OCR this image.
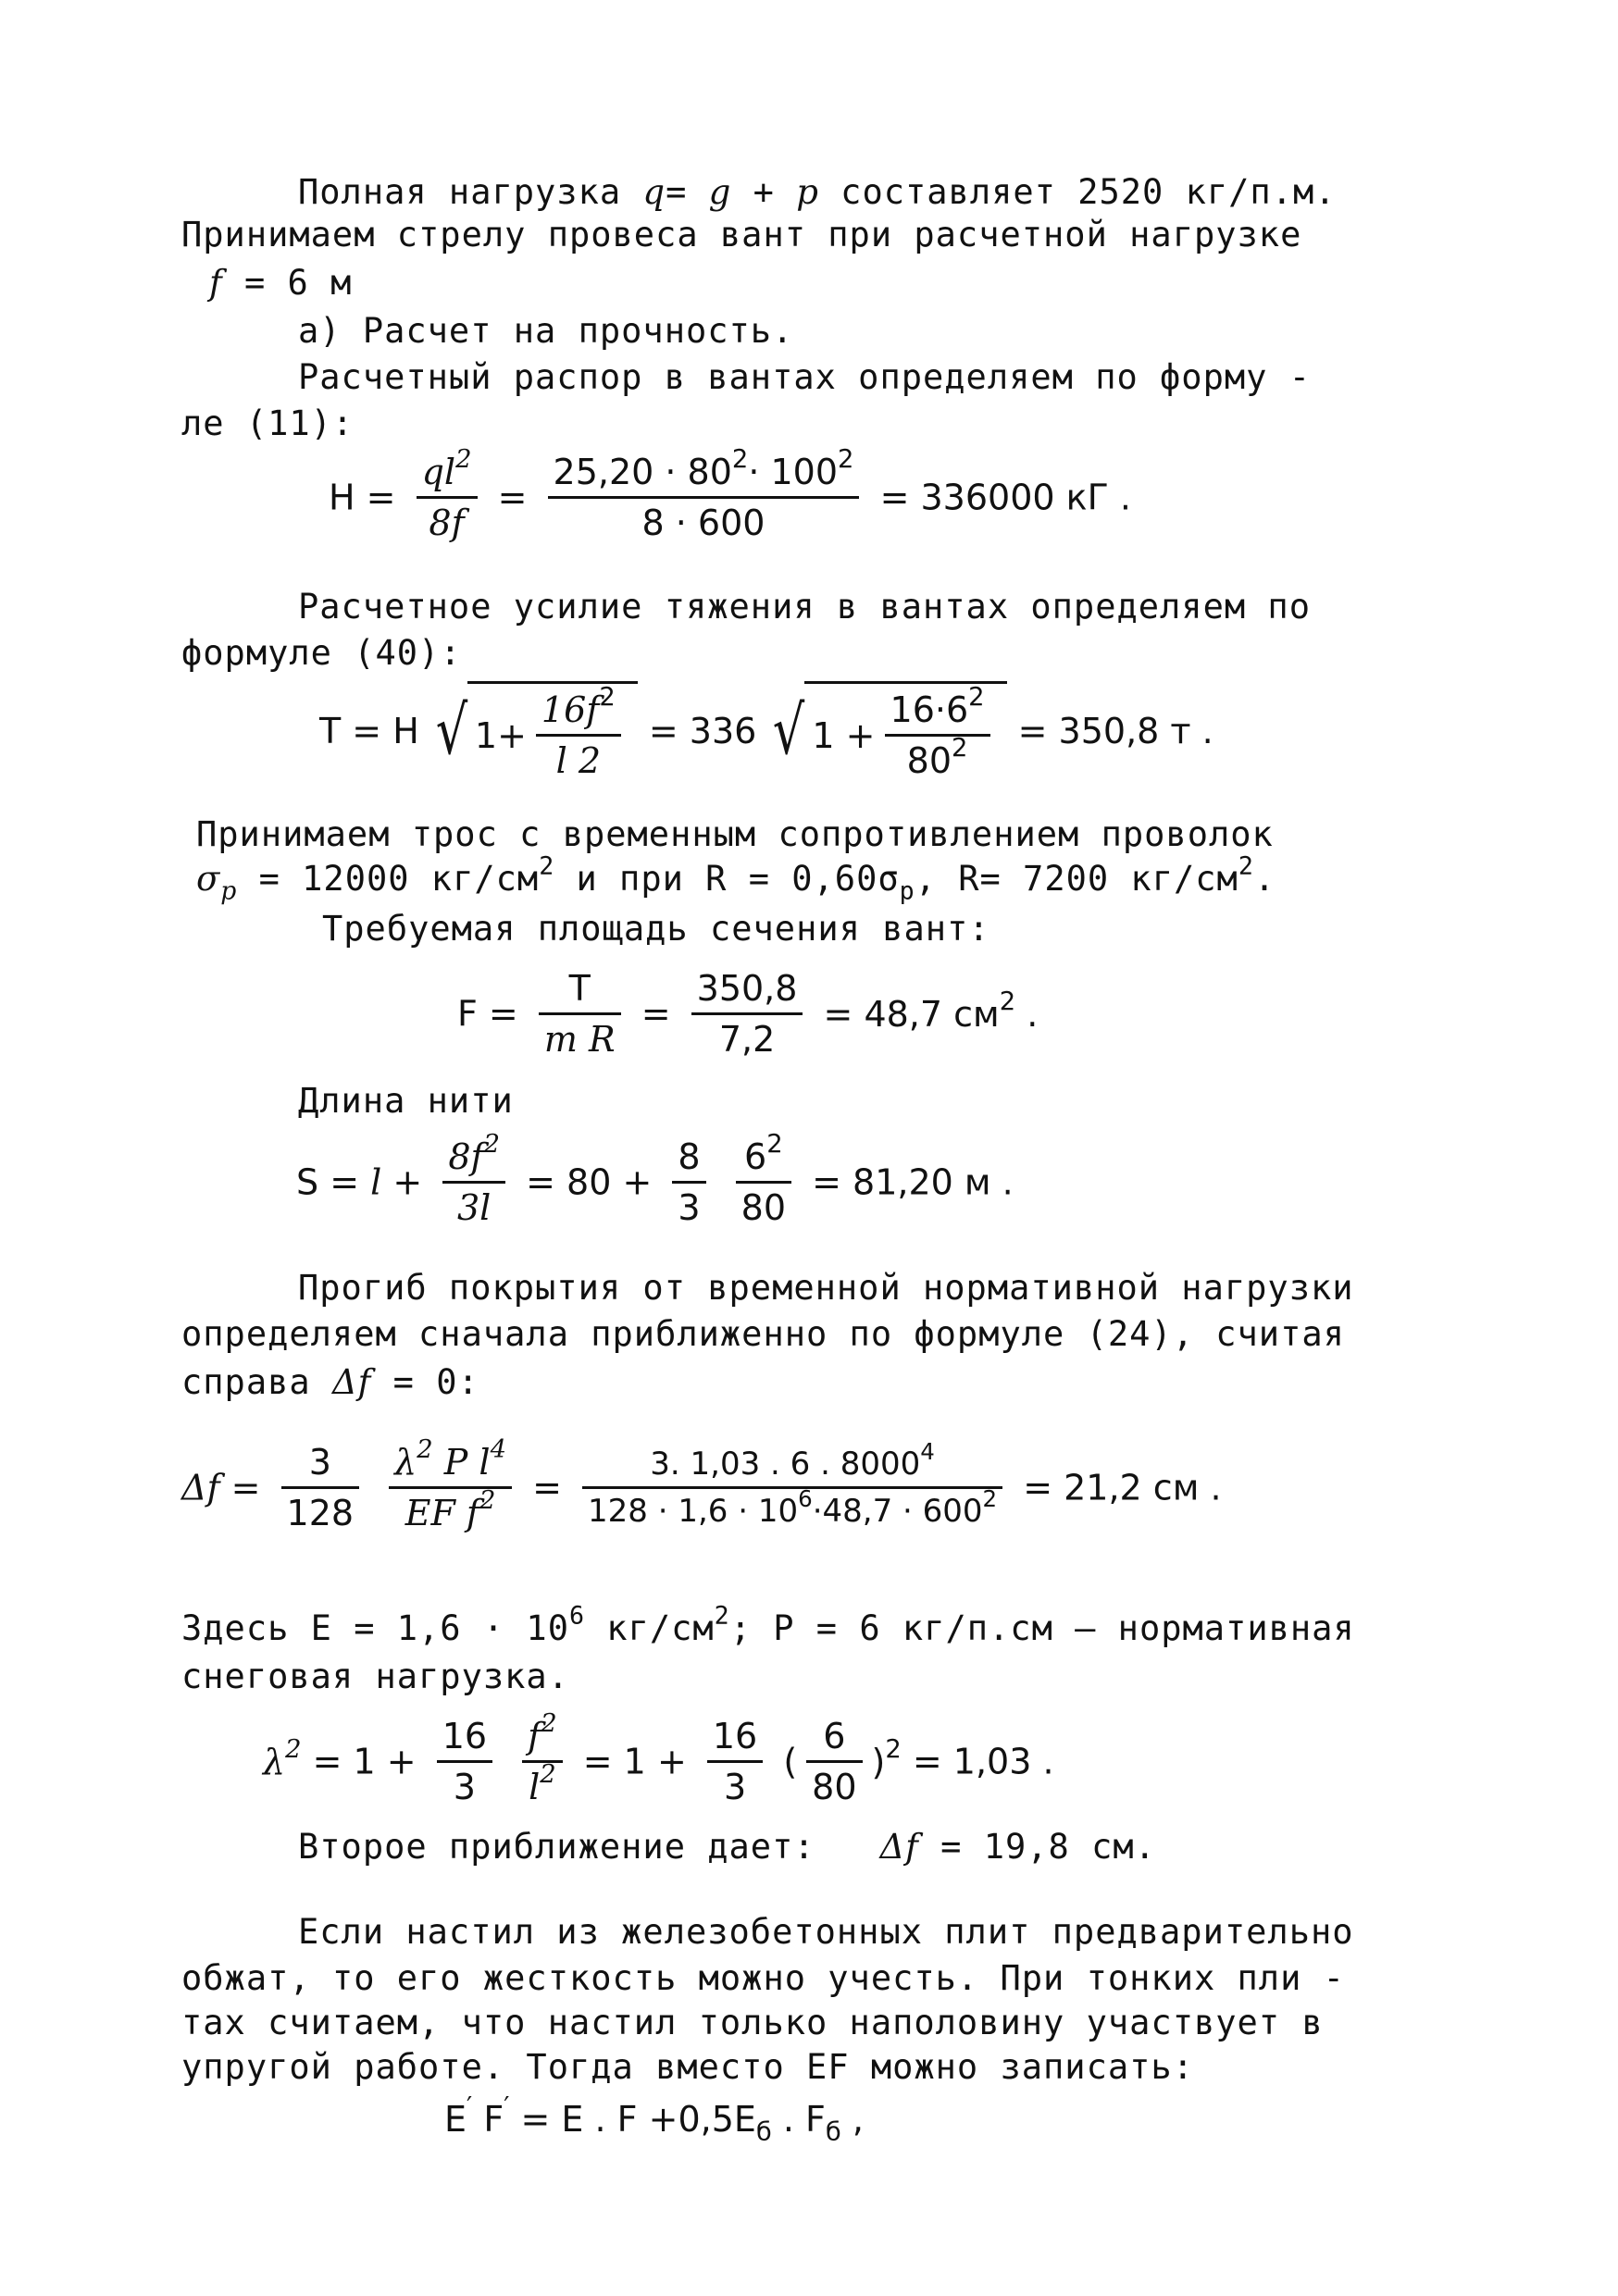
Полная нагрузка q= g + p составляет 2520 кг/п.м.
Принимаем стрелу провеса вант при расчетной нагрузке
f = 6 м
а) Расчет на прочность.
Расчетный распор в вантах определяем по форму -
ле (11):
$H = \frac{ql^2}{8f} = \frac{25,20 \cdot 80^2\cdot 100^2}{8 \cdot 600} = 336000$ кГ .
Расчетное усилие тяжения в вантах определяем по
формуле (40):
T = H √ $1+ \frac{16f^2}{l 2} = 336$ √ $1 + \frac{16\cdot 6^2}{80^2} = 350,8$ т .
Принимаем трос с временным сопротивлением проволок
$\sigma_p = 12000$ $кг/см^2$ и при $R = 0,60\sigma_p$, R= 7200 $кг/см^2$.
Требуемая площадь сечения вант:
$F = \frac{T}{\text{m R}} = \frac{350,8}{7,2} = 48,7$ $см^2$ .
Длина нити
$S = l + \frac{8f^2}{3l} = 80 + \frac{8}{3}$
$\frac{6^2}{80} = 81,20$ м .
Прогиб покрытия от временной нормативной нагрузки
определяем сначала приближенно по формуле (24), считая
справа Δf = 0:
$\Delta f = \frac{3}{128}$
$\frac{\lambda^2 P l^4}{EF f^2} = \frac{3. 1,03 . 6 . 8000^4}{128 \cdot 1,6 \cdot 10^6\cdot 48,7 \cdot 600^2} = 21,2$ см .
Здесь $E = 1,6 \cdot 10^6$ $кг/см^2$; P = 6 кг/п.см – нормативная
снеговая нагрузка.
$\lambda^2 = 1 + \frac{16}{3}$
$\frac{f^2}{l^2} = 1 + \frac{16}{3}$ ( $\frac{6}{80} )^2 = 1,03$ .
Второе приближение дает: Δf = 19,8 см.
Если настил из железобетонных плит предварительно
обжат, то его жесткость можно учесть. При тонких пли -
тах считаем, что настил только наполовину участвует в
упругой работе. Тогда вместо EF можно записать:
E′ F′ = E . $F +0,5E_б$ . $F_б$ ,
